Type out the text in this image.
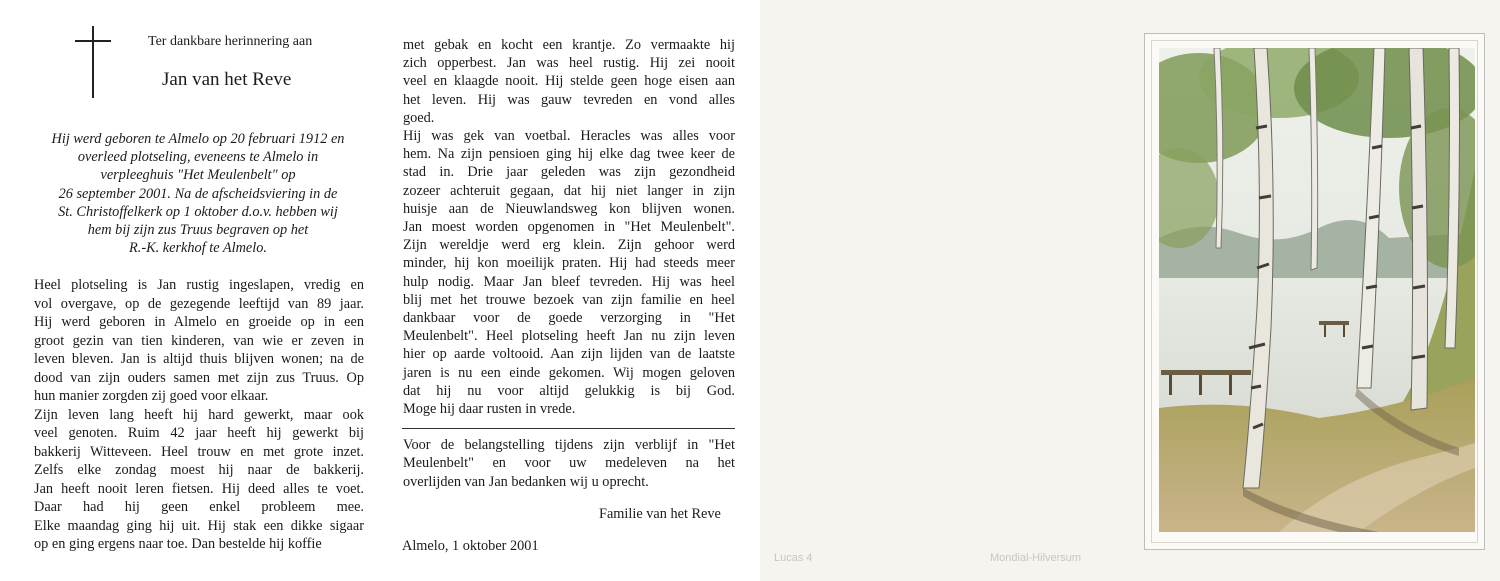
Ter dankbare herinnering aan
Jan van het Reve
Hij werd geboren te Almelo op 20 februari 1912 en
overleed plotseling, eveneens te Almelo in
verpleeghuis "Het Meulenbelt" op
26 september 2001. Na de afscheidsviering in de
St. Christoffelkerk op 1 oktober d.o.v. hebben wij
hem bij zijn zus Truus begraven op het
R.-K. kerkhof te Almelo.
Heel plotseling is Jan rustig ingeslapen, vredig en
vol overgave, op de gezegende leeftijd van 89 jaar.
Hij werd geboren in Almelo en groeide op in een
groot gezin van tien kinderen, van wie er zeven in
leven bleven. Jan is altijd thuis blijven wonen; na de
dood van zijn ouders samen met zijn zus Truus. Op
hun manier zorgden zij goed voor elkaar.
Zijn leven lang heeft hij hard gewerkt, maar ook
veel genoten. Ruim 42 jaar heeft hij gewerkt bij
bakkerij Witteveen. Heel trouw en met grote inzet.
Zelfs elke zondag moest hij naar de bakkerij.
Jan heeft nooit leren fietsen. Hij deed alles te voet.
Daar had hij geen enkel probleem mee.
Elke maandag ging hij uit. Hij stak een dikke sigaar
op en ging ergens naar toe. Dan bestelde hij koffie
met gebak en kocht een krantje. Zo vermaakte hij
zich opperbest. Jan was heel rustig. Hij zei nooit
veel en klaagde nooit. Hij stelde geen hoge eisen aan
het leven. Hij was gauw tevreden en vond alles
goed.
Hij was gek van voetbal. Heracles was alles voor
hem. Na zijn pensioen ging hij elke dag twee keer de
stad in. Drie jaar geleden was zijn gezondheid
zozeer achteruit gegaan, dat hij niet langer in zijn
huisje aan de Nieuwlandsweg kon blijven wonen.
Jan moest worden opgenomen in "Het Meulenbelt".
Zijn wereldje werd erg klein. Zijn gehoor werd
minder, hij kon moeilijk praten. Hij had steeds meer
hulp nodig. Maar Jan bleef tevreden. Hij was heel
blij met het trouwe bezoek van zijn familie en heel
dankbaar voor de goede verzorging in "Het
Meulenbelt". Heel plotseling heeft Jan nu zijn leven
hier op aarde voltooid. Aan zijn lijden van de laatste
jaren is nu een einde gekomen. Wij mogen geloven
dat hij nu voor altijd gelukkig is bij God.
Moge hij daar rusten in vrede.
Voor de belangstelling tijdens zijn verblijf in "Het
Meulenbelt" en voor uw medeleven na het
overlijden van Jan bedanken wij u oprecht.
Familie van het Reve
Almelo, 1 oktober 2001
Lucas 4	Mondial-Hilversum
